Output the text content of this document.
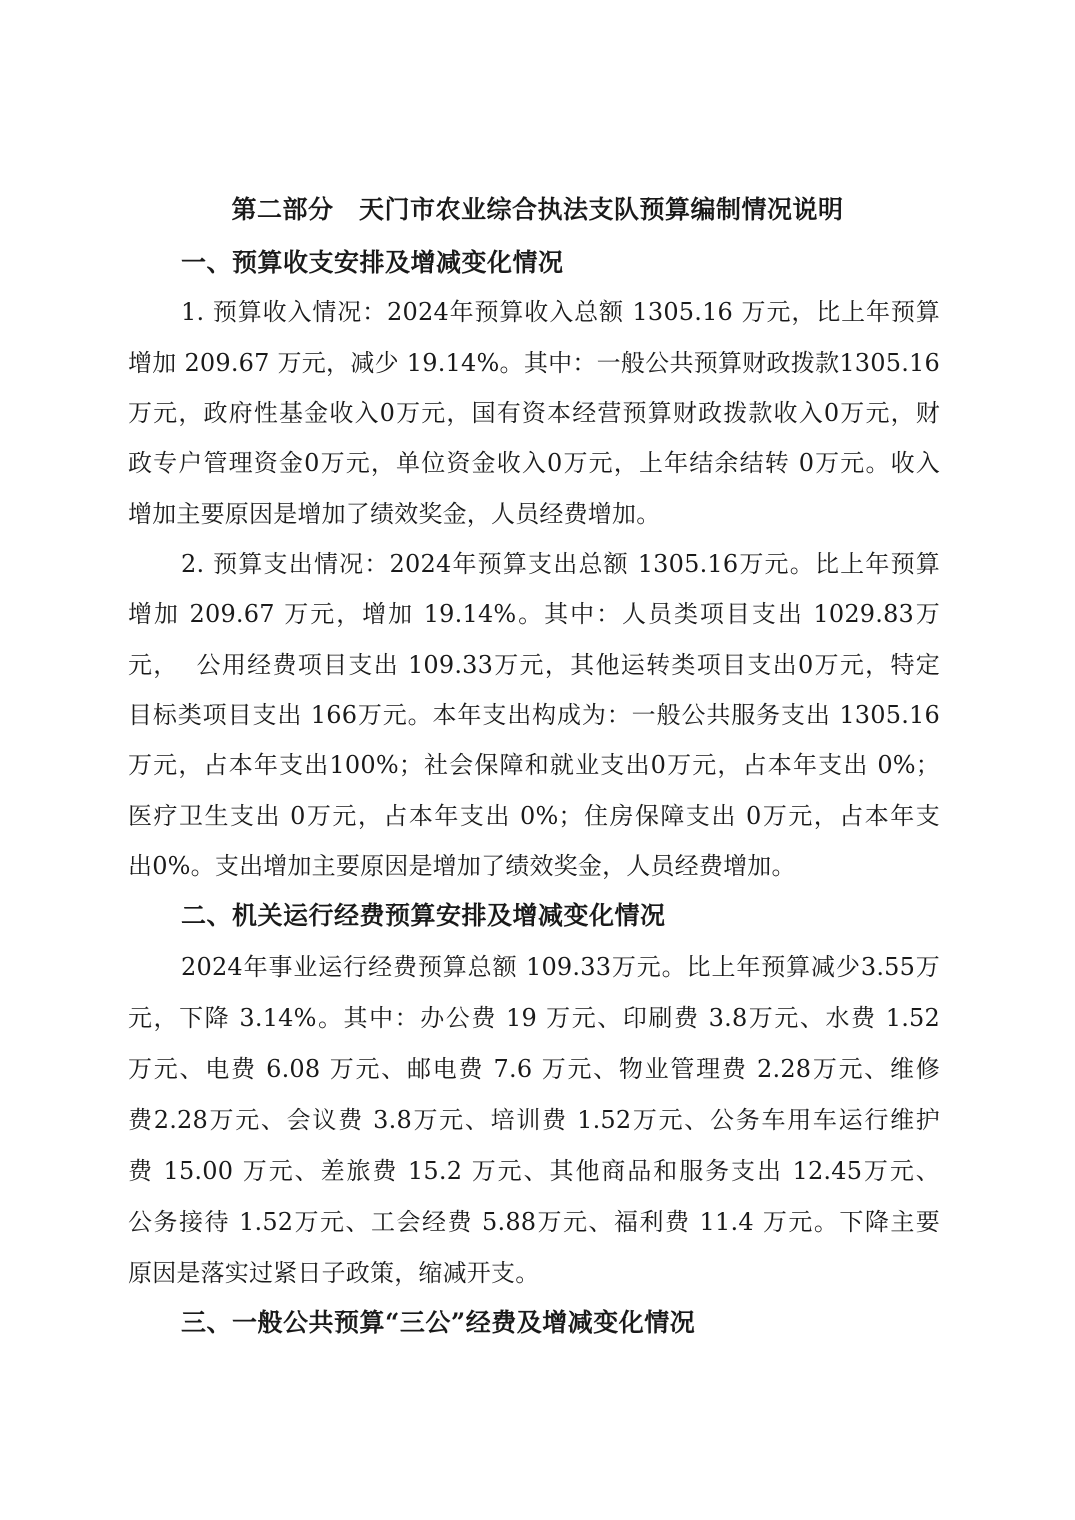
第二部分　天门市农业综合执法支队预算编制情况说明
一、预算收支安排及增减变化情况
1. 预算收入情况：2024年预算收入总额 1305.16 万元，比上年预算
增加 209.67 万元，减少 19.14%。其中：一般公共预算财政拨款1305.16
万元，政府性基金收入0万元，国有资本经营预算财政拨款收入0万元，财
政专户管理资金0万元，单位资金收入0万元，上年结余结转 0万元。收入
增加主要原因是增加了绩效奖金，人员经费增加。
2. 预算支出情况：2024年预算支出总额 1305.16万元。比上年预算
增加 209.67 万元，增加 19.14%。其中：人员类项目支出 1029.83万
元，  公用经费项目支出 109.33万元，其他运转类项目支出0万元，特定
目标类项目支出 166万元。本年支出构成为：一般公共服务支出 1305.16
万元，占本年支出100%；社会保障和就业支出0万元，占本年支出 0%；
医疗卫生支出 0万元，占本年支出 0%；住房保障支出 0万元，占本年支
出0%。支出增加主要原因是增加了绩效奖金，人员经费增加。
二、机关运行经费预算安排及增减变化情况
2024年事业运行经费预算总额 109.33万元。比上年预算减少3.55万
元，下降 3.14%。其中：办公费 19 万元、印刷费 3.8万元、水费 1.52
万元、电费 6.08 万元、邮电费 7.6 万元、物业管理费 2.28万元、维修
费2.28万元、会议费 3.8万元、培训费 1.52万元、公务车用车运行维护
费 15.00 万元、差旅费 15.2 万元、其他商品和服务支出 12.45万元、
公务接待 1.52万元、工会经费 5.88万元、福利费 11.4 万元。下降主要
原因是落实过紧日子政策，缩减开支。
三、一般公共预算“三公”经费及增减变化情况
